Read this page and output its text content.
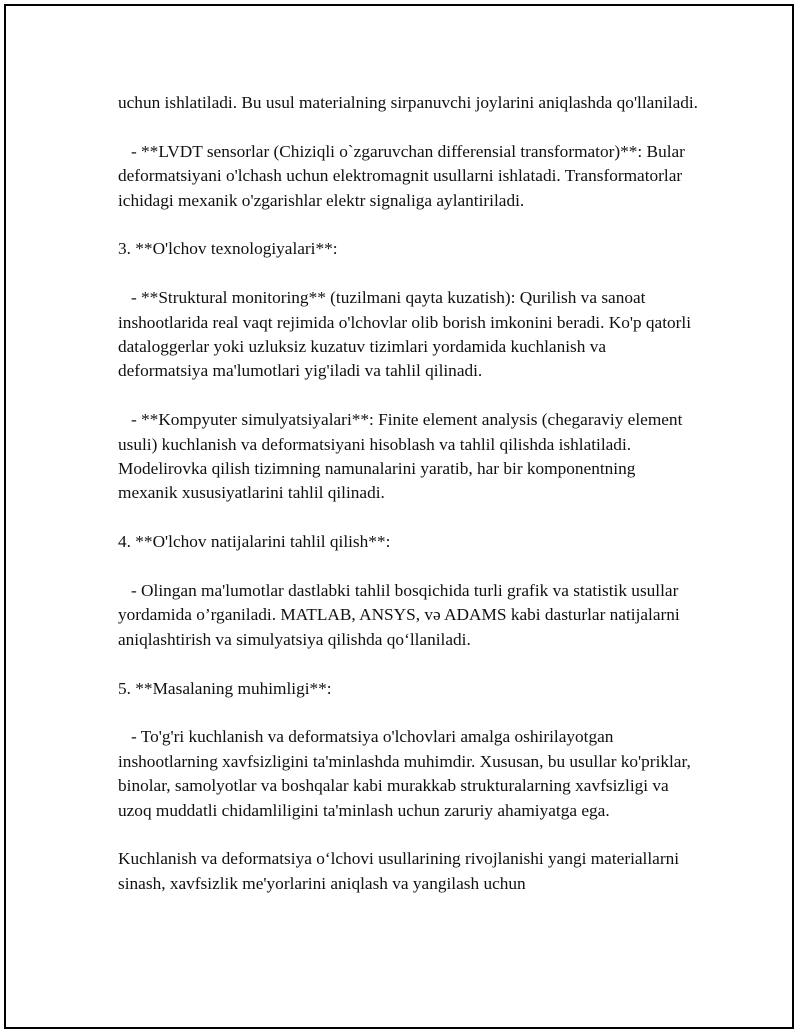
uchun ishlatiladi. Bu usul materialning sirpanuvchi joylarini aniqlashda qo'llaniladi.

- **LVDT sensorlar (Chiziqli o`zgaruvchan differensial transformator)**: Bular deformatsiyani o'lchash uchun elektromagnit usullarni ishlatadi. Transformatorlar ichidagi mexanik o'zgarishlar elektr signaliga aylantiriladi.

3. **O'lchov texnologiyalari**:

- **Struktural monitoring** (tuzilmani qayta kuzatish): Qurilish va sanoat inshootlarida real vaqt rejimida o'lchovlar olib borish imkonini beradi. Ko'p qatorli dataloggerlar yoki uzluksiz kuzatuv tizimlari yordamida kuchlanish va deformatsiya ma'lumotlari yig'iladi va tahlil qilinadi.

- **Kompyuter simulyatsiyalari**: Finite element analysis (chegaraviy element usuli) kuchlanish va deformatsiyani hisoblash va tahlil qilishda ishlatiladi. Modelirovka qilish tizimning namunalarini yaratib, har bir komponentning mexanik xususiyatlarini tahlil qilinadi.

4. **O'lchov natijalarini tahlil qilish**:

- Olingan ma'lumotlar dastlabki tahlil bosqichida turli grafik va statistik usullar yordamida o’rganiladi. MATLAB, ANSYS, və ADAMS kabi dasturlar natijalarni aniqlashtirish va simulyatsiya qilishda qo‘llaniladi.

5. **Masalaning muhimligi**:

- To'g'ri kuchlanish va deformatsiya o'lchovlari amalga oshirilayotgan inshootlarning xavfsizligini ta'minlashda muhimdir. Xususan, bu usullar ko'priklar, binolar, samolyotlar va boshqalar kabi murakkab strukturalarning xavfsizligi va uzoq muddatli chidamliligini ta'minlash uchun zaruriy ahamiyatga ega.

Kuchlanish va deformatsiya o‘lchovi usullarining rivojlanishi yangi materiallarni sinash, xavfsizlik me'yorlarini aniqlash va yangilash uchun
